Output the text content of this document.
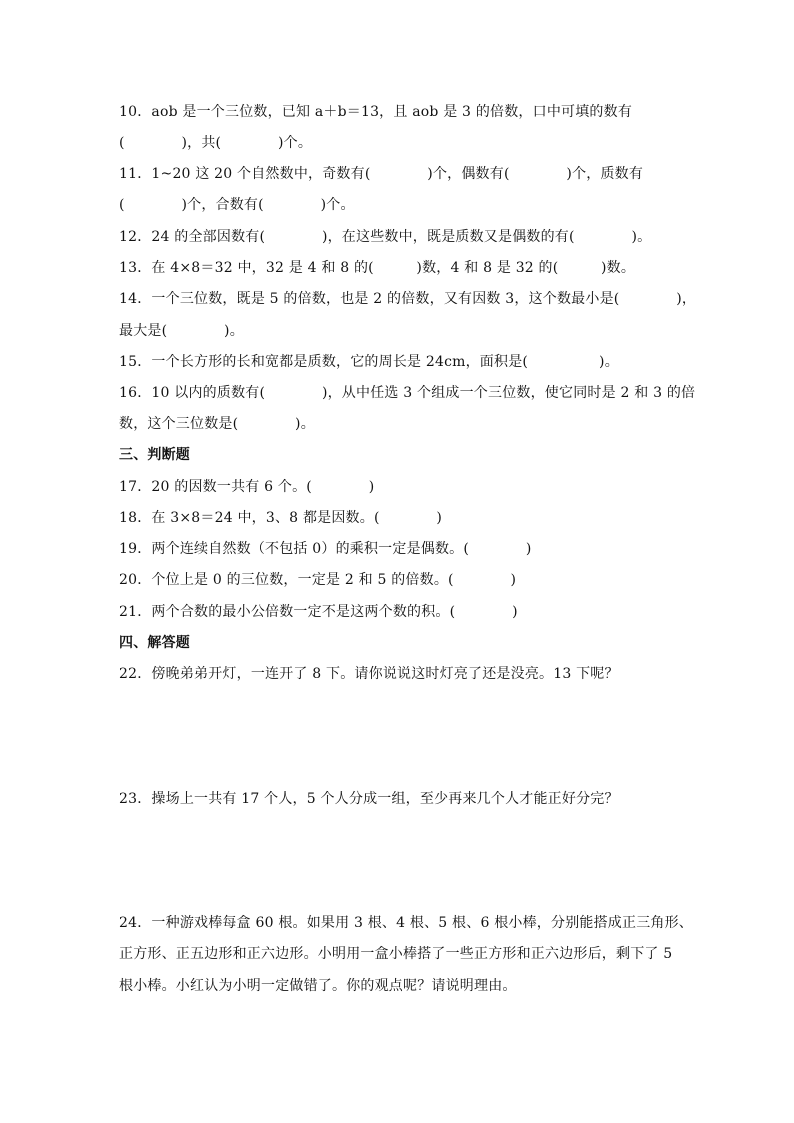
10．aob 是一个三位数，已知 a＋b＝13，且 aob 是 3 的倍数，口中可填的数有
(　　　　)，共(　　　　)个。
11．1~20 这 20 个自然数中，奇数有(　　　　)个，偶数有(　　　　)个，质数有
(　　　　)个，合数有(　　　　)个。
12．24 的全部因数有(　　　　)，在这些数中，既是质数又是偶数的有(　　　　)。
13．在 4×8＝32 中，32 是 4 和 8 的(　　　)数，4 和 8 是 32 的(　　　)数。
14．一个三位数，既是 5 的倍数，也是 2 的倍数，又有因数 3，这个数最小是(　　　　)，
最大是(　　　　)。
15．一个长方形的长和宽都是质数，它的周长是 24cm，面积是(　　　　　)。
16．10 以内的质数有(　　　　)，从中任选 3 个组成一个三位数，使它同时是 2 和 3 的倍
数，这个三位数是(　　　　)。
三、判断题
17．20 的因数一共有 6 个。(　　　　)
18．在 3×8＝24 中，3、8 都是因数。(　　　　)
19．两个连续自然数（不包括 0）的乘积一定是偶数。(　　　　)
20．个位上是 0 的三位数，一定是 2 和 5 的倍数。(　　　　)
21．两个合数的最小公倍数一定不是这两个数的积。(　　　　)
四、解答题
22．傍晚弟弟开灯，一连开了 8 下。请你说说这时灯亮了还是没亮。13 下呢？
23．操场上一共有 17 个人，5 个人分成一组，至少再来几个人才能正好分完？
24．一种游戏棒每盒 60 根。如果用 3 根、4 根、5 根、6 根小棒，分别能搭成正三角形、
正方形、正五边形和正六边形。小明用一盒小棒搭了一些正方形和正六边形后，剩下了 5
根小棒。小红认为小明一定做错了。你的观点呢？请说明理由。
